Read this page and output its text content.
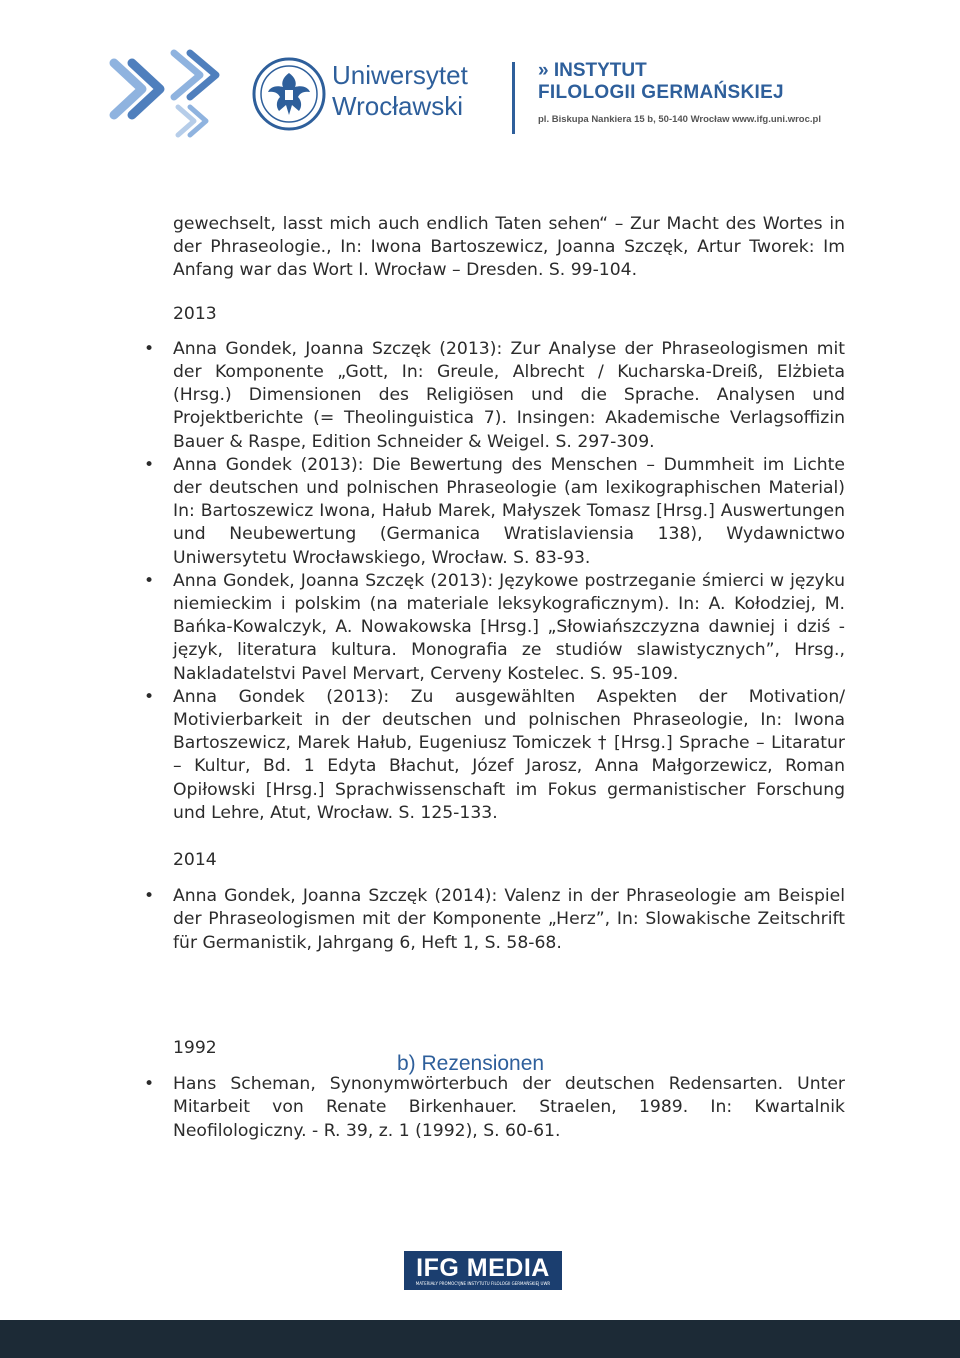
Uniwersytet
Wrocławski
» INSTYTUT
FILOLOGII GERMAŃSKIEJ
pl. Biskupa Nankiera 15 b, 50-140 Wrocław www.ifg.uni.wroc.pl

gewechselt, lasst mich auch endlich Taten sehen“ – Zur Macht des Wortes in der Phraseologie., In: Iwona Bartoszewicz, Joanna Szczęk, Artur Tworek: Im Anfang war das Wort I. Wrocław – Dresden. S. 99-104.

2013

• Anna Gondek, Joanna Szczęk (2013): Zur Analyse der Phraseologismen mit der Komponente „Gott, In: Greule, Albrecht / Kucharska-Dreiß, Elżbieta (Hrsg.) Dimensionen des Religiösen und die Sprache. Analysen und Projektberichte (= Theolinguistica 7). Insingen: Akademische Verlagsoffizin Bauer & Raspe, Edition Schneider & Weigel. S. 297-309.
• Anna Gondek (2013): Die Bewertung des Menschen – Dummheit im Lichte der deutschen und polnischen Phraseologie (am lexikographischen Material) In: Bartoszewicz Iwona, Hałub Marek, Małyszek Tomasz [Hrsg.] Auswertungen und Neubewertung (Germanica Wratislaviensia 138), Wydawnictwo Uniwersytetu Wrocławskiego, Wrocław. S. 83-93.
• Anna Gondek, Joanna Szczęk (2013): Językowe postrzeganie śmierci w języku niemieckim i polskim (na materiale leksykograficznym). In: A. Kołodziej, M. Bańka-Kowalczyk, A. Nowakowska [Hrsg.] „Słowiańszczyzna dawniej i dziś - język, literatura kultura. Monografia ze studiów slawistycznych”, Hrsg., Nakladatelstvi Pavel Mervart, Cerveny Kostelec. S. 95-109.
• Anna Gondek (2013): Zu ausgewählten Aspekten der Motivation/ Motivierbarkeit in der deutschen und polnischen Phraseologie, In: Iwona Bartoszewicz, Marek Hałub, Eugeniusz Tomiczek † [Hrsg.] Sprache – Litaratur – Kultur, Bd. 1 Edyta Błachut, Józef Jarosz, Anna Małgorzewicz, Roman Opiłowski [Hrsg.] Sprachwissenschaft im Fokus germanistischer Forschung und Lehre, Atut, Wrocław. S. 125-133.

2014

• Anna Gondek, Joanna Szczęk (2014): Valenz in der Phraseologie am Beispiel der Phraseologismen mit der Komponente „Herz”, In: Slowakische Zeitschrift für Germanistik, Jahrgang 6, Heft 1, S. 58-68.

1992

• Hans Scheman, Synonymwörterbuch der deutschen Redensarten. Unter Mitarbeit von Renate Birkenhauer. Straelen, 1989. In: Kwartalnik Neofilologiczny. - R. 39, z. 1 (1992), S. 60-61.
b) Rezensionen
IFG MEDIA
MATERIAŁY PROMOCYJNE INSTYTUTU FILOLOGII GERMAŃSKIEJ UWR
